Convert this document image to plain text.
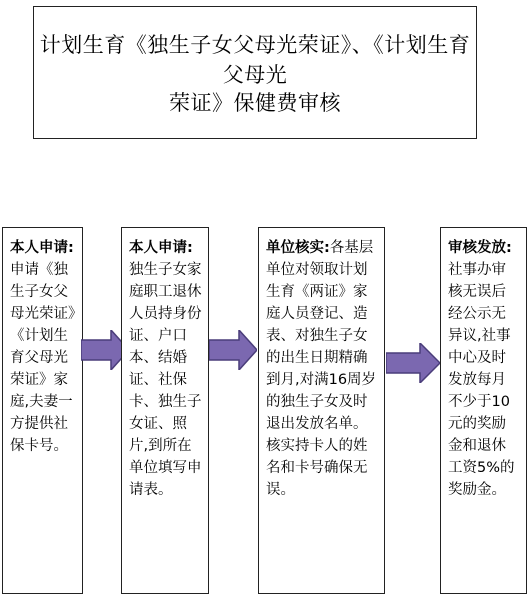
计划生育《独生子女父母光荣证》、《计划生育父母光
荣证》保健费审核
本人申请:申请《独生子女父母光荣证》《计划生育父母光荣证》家庭,夫妻一方提供社保卡号。
本人申请:独生子女家庭职工退休人员持身份证、户口本、结婚证、社保卡、独生子女证、照片,到所在单位填写申请表。
单位核实:各基层单位对领取计划生育《两证》家庭人员登记、造表、对独生子女的出生日期精确到月,对满16周岁的独生子女及时退出发放名单。核实持卡人的姓名和卡号确保无误。
审核发放:社事办审核无误后经公示无异议,社事中心及时发放每月不少于10元的奖励金和退休工资5%的奖励金。
